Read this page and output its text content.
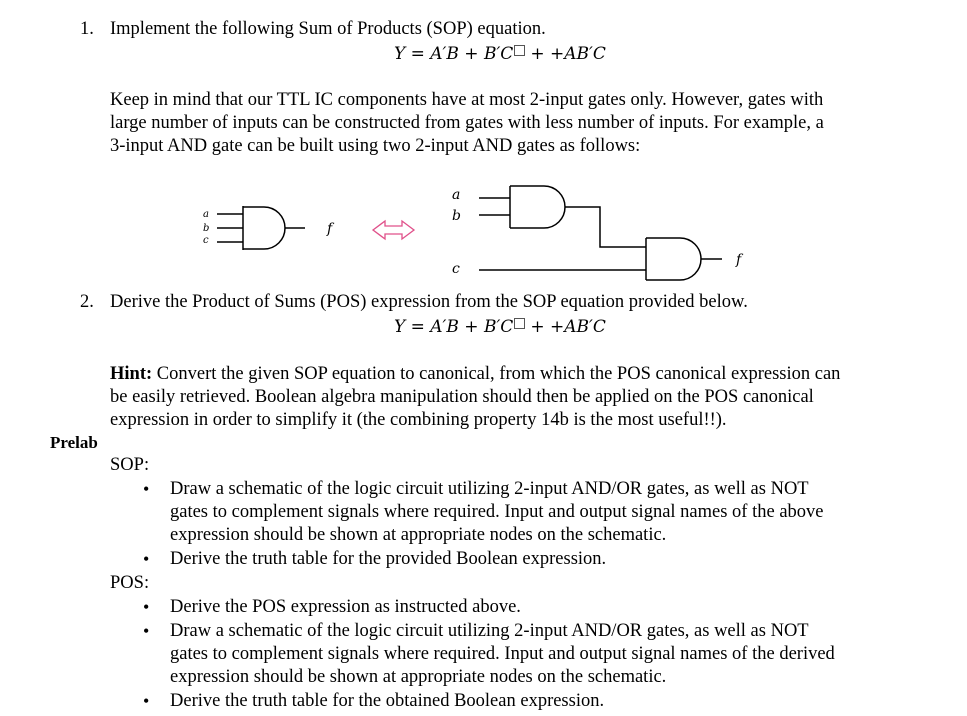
1. Implement the following Sum of Products (SOP) equation.
Y = A′B + B′C + +AB′C
Keep in mind that our TTL IC components have at most 2-input gates only. However, gates with
large number of inputs can be constructed from gates with less number of inputs. For example, a
3-input AND gate can be built using two 2-input AND gates as follows:
a
b
c
f
a
b
c
f
2. Derive the Product of Sums (POS) expression from the SOP equation provided below.
Y = A′B + B′C + +AB′C
Hint: Convert the given SOP equation to canonical, from which the POS canonical expression can
be easily retrieved. Boolean algebra manipulation should then be applied on the POS canonical
expression in order to simplify it (the combining property 14b is the most useful!!).
Prelab
SOP:
• Draw a schematic of the logic circuit utilizing 2-input AND/OR gates, as well as NOT
gates to complement signals where required. Input and output signal names of the above
expression should be shown at appropriate nodes on the schematic.
• Derive the truth table for the provided Boolean expression.
POS:
• Derive the POS expression as instructed above.
• Draw a schematic of the logic circuit utilizing 2-input AND/OR gates, as well as NOT
gates to complement signals where required. Input and output signal names of the derived
expression should be shown at appropriate nodes on the schematic.
• Derive the truth table for the obtained Boolean expression.
